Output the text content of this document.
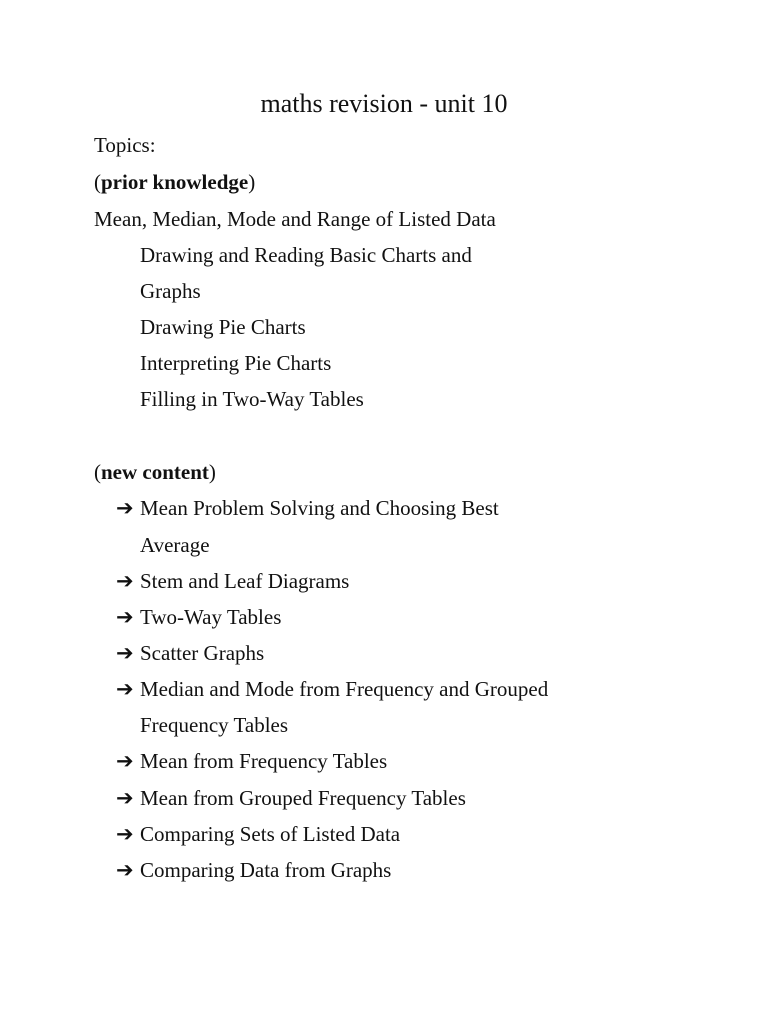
maths revision - unit 10
Topics:
(prior knowledge)
Mean, Median, Mode and Range of Listed Data
Drawing and Reading Basic Charts and
Graphs
Drawing Pie Charts
Interpreting Pie Charts
Filling in Two-Way Tables
(new content)
➔ Mean Problem Solving and Choosing Best
Average
➔ Stem and Leaf Diagrams
➔ Two-Way Tables
➔ Scatter Graphs
➔ Median and Mode from Frequency and Grouped
Frequency Tables
➔ Mean from Frequency Tables
➔ Mean from Grouped Frequency Tables
➔ Comparing Sets of Listed Data
➔ Comparing Data from Graphs
